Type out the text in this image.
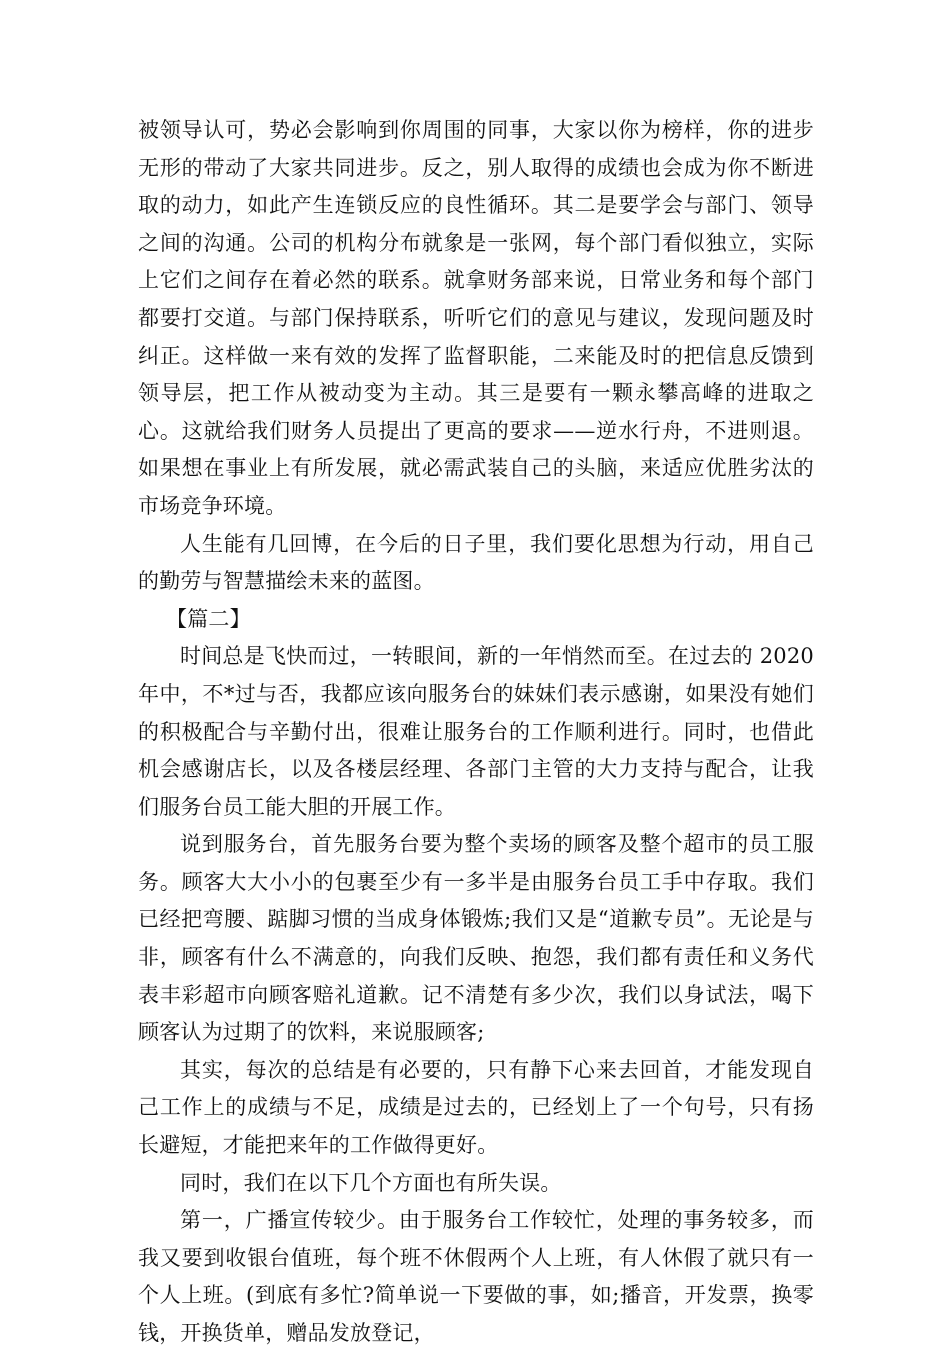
被领导认可，势必会影响到你周围的同事，大家以你为榜样，你的进步无形的带动了大家共同进步。反之，别人取得的成绩也会成为你不断进取的动力，如此产生连锁反应的良性循环。其二是要学会与部门、领导之间的沟通。公司的机构分布就象是一张网，每个部门看似独立，实际上它们之间存在着必然的联系。就拿财务部来说，日常业务和每个部门都要打交道。与部门保持联系，听听它们的意见与建议，发现问题及时纠正。这样做一来有效的发挥了监督职能，二来能及时的把信息反馈到领导层，把工作从被动变为主动。其三是要有一颗永攀高峰的进取之心。这就给我们财务人员提出了更高的要求——逆水行舟，不进则退。如果想在事业上有所发展，就必需武装自己的头脑，来适应优胜劣汰的市场竞争环境。

人生能有几回博，在今后的日子里，我们要化思想为行动，用自己的勤劳与智慧描绘未来的蓝图。

【篇二】

时间总是飞快而过，一转眼间，新的一年悄然而至。在过去的 2020 年中，不*过与否，我都应该向服务台的妹妹们表示感谢，如果没有她们的积极配合与辛勤付出，很难让服务台的工作顺利进行。同时，也借此机会感谢店长，以及各楼层经理、各部门主管的大力支持与配合，让我们服务台员工能大胆的开展工作。

说到服务台，首先服务台要为整个卖场的顾客及整个超市的员工服务。顾客大大小小的包裹至少有一多半是由服务台员工手中存取。我们已经把弯腰、踮脚习惯的当成身体锻炼;我们又是“道歉专员”。无论是与非，顾客有什么不满意的，向我们反映、抱怨，我们都有责任和义务代表丰彩超市向顾客赔礼道歉。记不清楚有多少次，我们以身试法，喝下顾客认为过期了的饮料，来说服顾客;

其实，每次的总结是有必要的，只有静下心来去回首，才能发现自己工作上的成绩与不足，成绩是过去的，已经划上了一个句号，只有扬长避短，才能把来年的工作做得更好。

同时，我们在以下几个方面也有所失误。

第一，广播宣传较少。由于服务台工作较忙，处理的事务较多，而我又要到收银台值班，每个班不休假两个人上班，有人休假了就只有一个人上班。(到底有多忙?简单说一下要做的事，如;播音，开发票，换零钱，开换货单，赠品发放登记，
